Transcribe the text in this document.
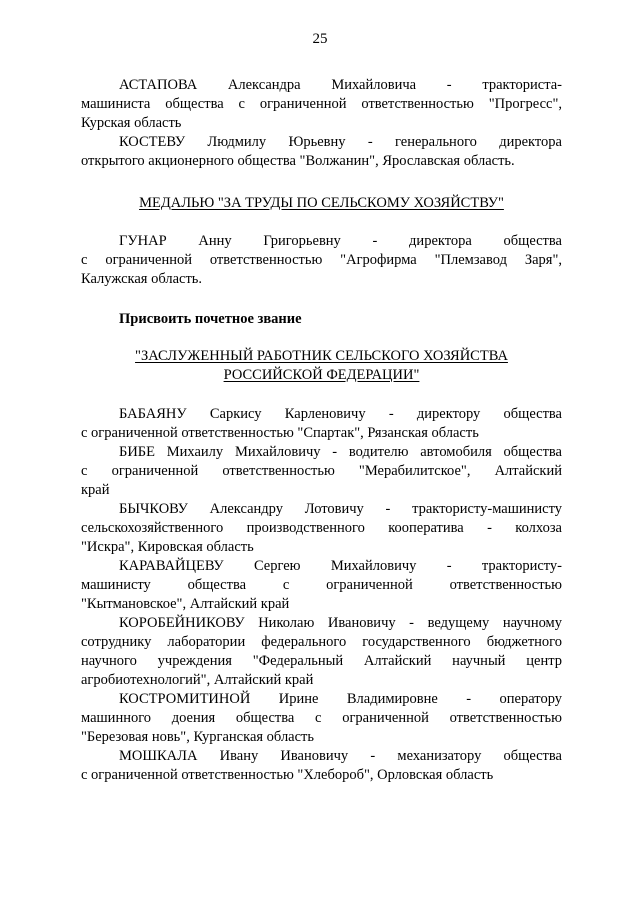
25
АСТАПОВА Александра Михайловича - тракториста-
машиниста общества с ограниченной ответственностью "Прогресс",
Курская область
КОСТЕВУ Людмилу Юрьевну - генерального директора
открытого акционерного общества "Волжанин", Ярославская область.
МЕДАЛЬЮ "ЗА ТРУДЫ ПО СЕЛЬСКОМУ ХОЗЯЙСТВУ"
ГУНАР Анну Григорьевну - директора общества
с ограниченной ответственностью "Агрофирма "Племзавод Заря",
Калужская область.
Присвоить почетное звание
"ЗАСЛУЖЕННЫЙ РАБОТНИК СЕЛЬСКОГО ХОЗЯЙСТВА
РОССИЙСКОЙ ФЕДЕРАЦИИ"
БАБАЯНУ Саркису Карленовичу - директору общества
с ограниченной ответственностью "Спартак", Рязанская область
БИБЕ Михаилу Михайловичу - водителю автомобиля общества
с ограниченной ответственностью "Мерабилитское", Алтайский
край
БЫЧКОВУ Александру Лотовичу - трактористу-машинисту
сельскохозяйственного производственного кооператива - колхоза
"Искра", Кировская область
КАРАВАЙЦЕВУ Сергею Михайловичу - трактористу-
машинисту общества с ограниченной ответственностью
"Кытмановское", Алтайский край
КОРОБЕЙНИКОВУ Николаю Ивановичу - ведущему научному
сотруднику лаборатории федерального государственного бюджетного
научного учреждения "Федеральный Алтайский научный центр
агробиотехнологий", Алтайский край
КОСТРОМИТИНОЙ Ирине Владимировне - оператору
машинного доения общества с ограниченной ответственностью
"Березовая новь", Курганская область
МОШКАЛА Ивану Ивановичу - механизатору общества
с ограниченной ответственностью "Хлебороб", Орловская область
